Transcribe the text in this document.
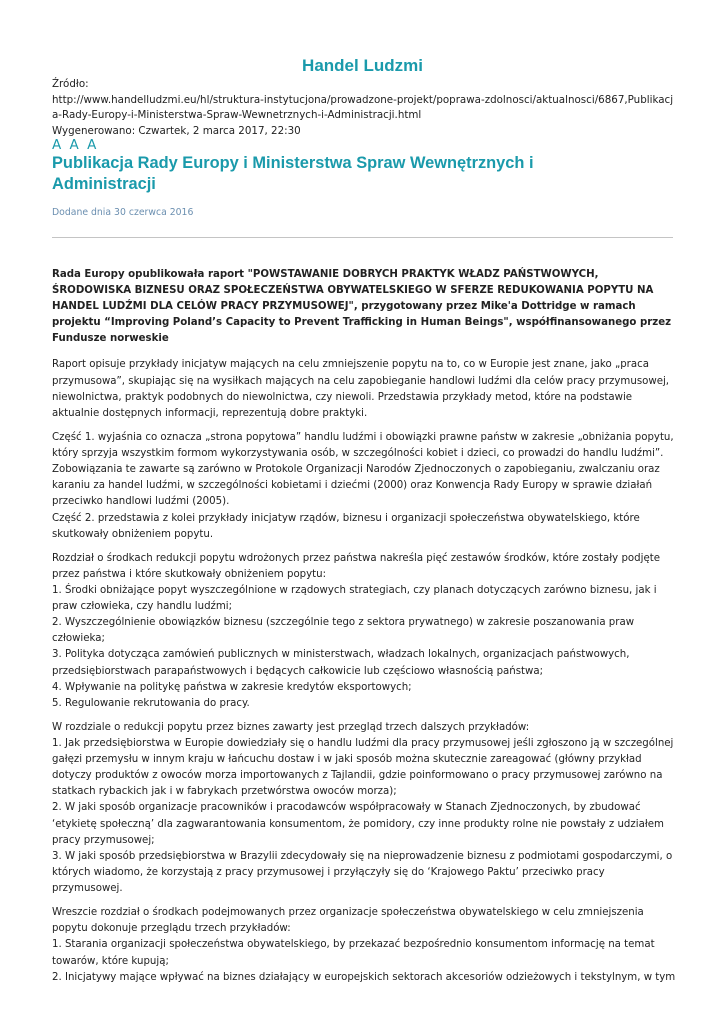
Handel Ludzmi
Źródło:
http://www.handelludzmi.eu/hl/struktura-instytucjona/prowadzone-projekt/poprawa-zdolnosci/aktualnosci/6867,Publikacja-Rady-Europy-i-Ministerstwa-Spraw-Wewnetrznych-i-Administracji.html
Wygenerowano: Czwartek, 2 marca 2017, 22:30
A A A
Publikacja Rady Europy i Ministerstwa Spraw Wewnętrznych i Administracji
Dodane dnia 30 czerwca 2016

Rada Europy opublikowała raport "POWSTAWANIE DOBRYCH PRAKTYK WŁADZ PAŃSTWOWYCH, ŚRODOWISKA BIZNESU ORAZ SPOŁECZEŃSTWA OBYWATELSKIEGO W SFERZE REDUKOWANIA POPYTU NA HANDEL LUDŹMI DLA CELÓW PRACY PRZYMUSOWEJ", przygotowany przez Mike'a Dottridge w ramach projektu “Improving Poland’s Capacity to Prevent Trafficking in Human Beings", współfinansowanego przez Fundusze norweskie

Raport opisuje przykłady inicjatyw mających na celu zmniejszenie popytu na to, co w Europie jest znane, jako „praca przymusowa”, skupiając się na wysiłkach mających na celu zapobieganie handlowi ludźmi dla celów pracy przymusowej, niewolnictwa, praktyk podobnych do niewolnictwa, czy niewoli. Przedstawia przykłady metod, które na podstawie aktualnie dostępnych informacji, reprezentują dobre praktyki.

Część 1. wyjaśnia co oznacza „strona popytowa” handlu ludźmi i obowiązki prawne państw w zakresie „obniżania popytu, który sprzyja wszystkim formom wykorzystywania osób, w szczególności kobiet i dzieci, co prowadzi do handlu ludźmi”. Zobowiązania te zawarte są zarówno w Protokole Organizacji Narodów Zjednoczonych o zapobieganiu, zwalczaniu oraz karaniu za handel ludźmi, w szczególności kobietami i dziećmi (2000) oraz Konwencja Rady Europy w sprawie działań przeciwko handlowi ludźmi (2005).
Część 2. przedstawia z kolei przykłady inicjatyw rządów, biznesu i organizacji społeczeństwa obywatelskiego, które skutkowały obniżeniem popytu.

Rozdział o środkach redukcji popytu wdrożonych przez państwa nakreśla pięć zestawów środków, które zostały podjęte przez państwa i które skutkowały obniżeniem popytu:
1. Środki obniżające popyt wyszczególnione w rządowych strategiach, czy planach dotyczących zarówno biznesu, jak i praw człowieka, czy handlu ludźmi;
2. Wyszczególnienie obowiązków biznesu (szczególnie tego z sektora prywatnego) w zakresie poszanowania praw człowieka;
3. Polityka dotycząca zamówień publicznych w ministerstwach, władzach lokalnych, organizacjach państwowych, przedsiębiorstwach parapaństwowych i będących całkowicie lub częściowo własnością państwa;
4. Wpływanie na politykę państwa w zakresie kredytów eksportowych;
5. Regulowanie rekrutowania do pracy.

W rozdziale o redukcji popytu przez biznes zawarty jest przegląd trzech dalszych przykładów:
1. Jak przedsiębiorstwa w Europie dowiedziały się o handlu ludźmi dla pracy przymusowej jeśli zgłoszono ją w szczególnej gałęzi przemysłu w innym kraju w łańcuchu dostaw i w jaki sposób można skutecznie zareagować (główny przykład dotyczy produktów z owoców morza importowanych z Tajlandii, gdzie poinformowano o pracy przymusowej zarówno na statkach rybackich jak i w fabrykach przetwórstwa owoców morza);
2. W jaki sposób organizacje pracowników i pracodawców współpracowały w Stanach Zjednoczonych, by zbudować ‘etykietę społeczną’ dla zagwarantowania konsumentom, że pomidory, czy inne produkty rolne nie powstały z udziałem pracy przymusowej;
3. W jaki sposób przedsiębiorstwa w Brazylii zdecydowały się na nieprowadzenie biznesu z podmiotami gospodarczymi, o których wiadomo, że korzystają z pracy przymusowej i przyłączyły się do ‘Krajowego Paktu’ przeciwko pracy przymusowej.

Wreszcie rozdział o środkach podejmowanych przez organizacje społeczeństwa obywatelskiego w celu zmniejszenia popytu dokonuje przeglądu trzech przykładów:
1. Starania organizacji społeczeństwa obywatelskiego, by przekazać bezpośrednio konsumentom informację na temat towarów, które kupują;
2. Inicjatywy mające wpływać na biznes działający w europejskich sektorach akcesoriów odzieżowych i tekstylnym, w tym
